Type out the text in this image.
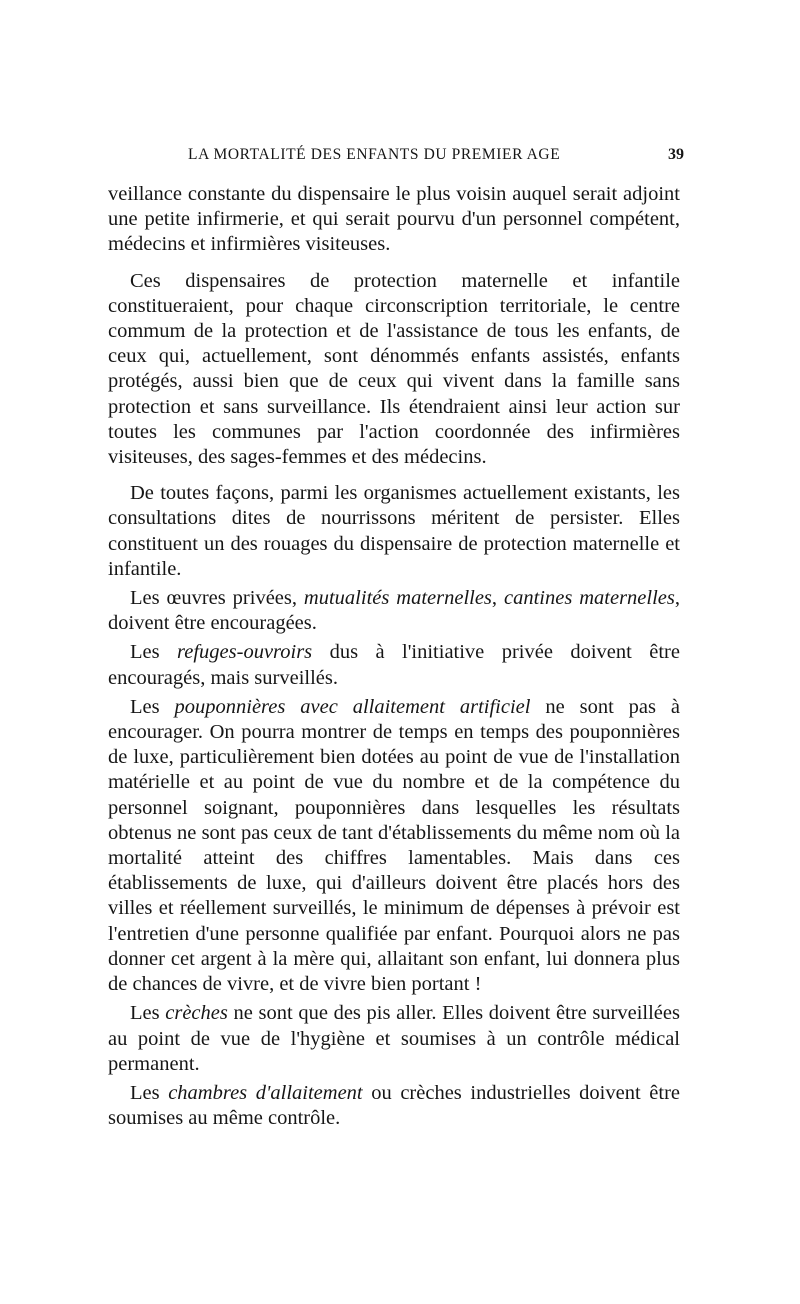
LA MORTALITÉ DES ENFANTS DU PREMIER AGE	39

veillance constante du dispensaire le plus voisin auquel serait adjoint une petite infirmerie, et qui serait pourvu d'un personnel compétent, médecins et infirmières visiteuses.

Ces dispensaires de protection maternelle et infantile constitueraient, pour chaque circonscription territoriale, le centre commum de la protection et de l'assistance de tous les enfants, de ceux qui, actuellement, sont dénommés enfants assistés, enfants protégés, aussi bien que de ceux qui vivent dans la famille sans protection et sans surveillance. Ils étendraient ainsi leur action sur toutes les communes par l'action coordonnée des infirmières visiteuses, des sages-femmes et des médecins.

De toutes façons, parmi les organismes actuellement existants, les consultations dites de nourrissons méritent de persister. Elles constituent un des rouages du dispensaire de protection maternelle et infantile.

Les œuvres privées, mutualités maternelles, cantines maternelles, doivent être encouragées.

Les refuges-ouvroirs dus à l'initiative privée doivent être encouragés, mais surveillés.

Les pouponnières avec allaitement artificiel ne sont pas à encourager. On pourra montrer de temps en temps des pouponnières de luxe, particulièrement bien dotées au point de vue de l'installation matérielle et au point de vue du nombre et de la compétence du personnel soignant, pouponnières dans lesquelles les résultats obtenus ne sont pas ceux de tant d'établissements du même nom où la mortalité atteint des chiffres lamentables. Mais dans ces établissements de luxe, qui d'ailleurs doivent être placés hors des villes et réellement surveillés, le minimum de dépenses à prévoir est l'entretien d'une personne qualifiée par enfant. Pourquoi alors ne pas donner cet argent à la mère qui, allaitant son enfant, lui donnera plus de chances de vivre, et de vivre bien portant !

Les crèches ne sont que des pis aller. Elles doivent être surveillées au point de vue de l'hygiène et soumises à un contrôle médical permanent.

Les chambres d'allaitement ou crèches industrielles doivent être soumises au même contrôle.
